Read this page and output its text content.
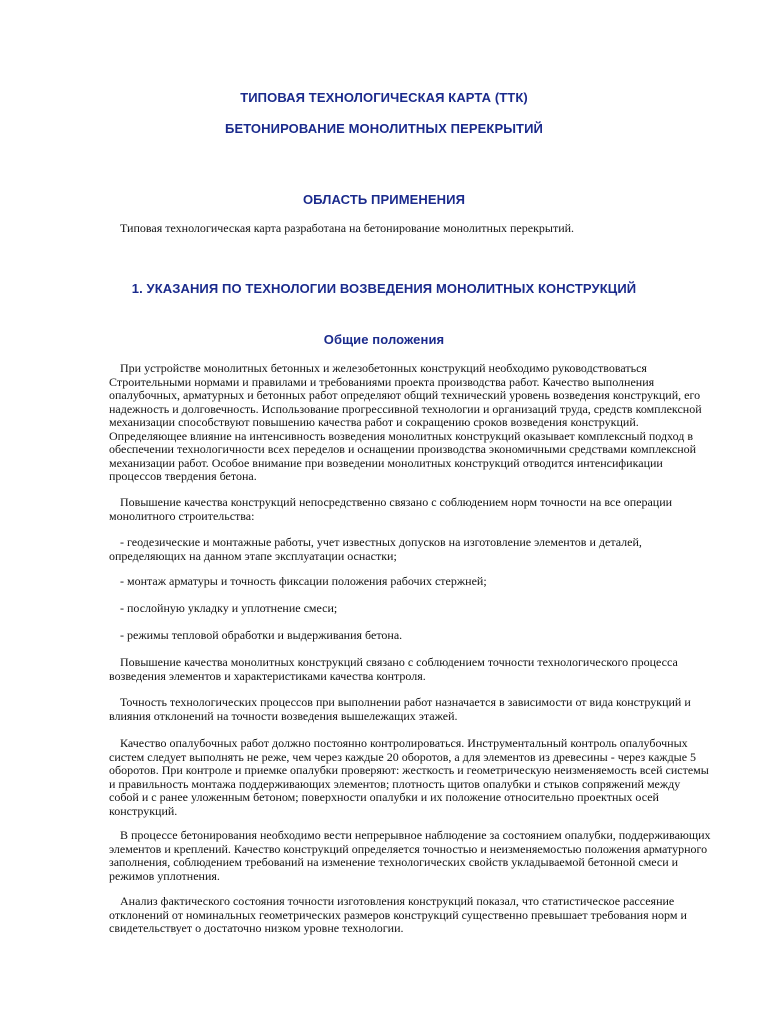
ТИПОВАЯ ТЕХНОЛОГИЧЕСКАЯ КАРТА (ТТК)
БЕТОНИРОВАНИЕ МОНОЛИТНЫХ ПЕРЕКРЫТИЙ
ОБЛАСТЬ ПРИМЕНЕНИЯ

Типовая технологическая карта разработана на бетонирование монолитных перекрытий.

1. УКАЗАНИЯ ПО ТЕХНОЛОГИИ ВОЗВЕДЕНИЯ МОНОЛИТНЫХ КОНСТРУКЦИЙ
Общие положения

При устройстве монолитных бетонных и железобетонных конструкций необходимо руководствоваться Строительными нормами и правилами и требованиями проекта производства работ. Качество выполнения опалубочных, арматурных и бетонных работ определяют общий технический уровень возведения конструкций, его надежность и долговечность. Использование прогрессивной технологии и организаций труда, средств комплексной механизации способствуют повышению качества работ и сокращению сроков возведения конструкций. Определяющее влияние на интенсивность возведения монолитных конструкций оказывает комплексный подход в обеспечении технологичности всех переделов и оснащении производства экономичными средствами комплексной механизации работ. Особое внимание при возведении монолитных конструкций отводится интенсификации процессов твердения бетона.

Повышение качества конструкций непосредственно связано с соблюдением норм точности на все операции монолитного строительства:

- геодезические и монтажные работы, учет известных допусков на изготовление элементов и деталей, определяющих на данном этапе эксплуатации оснастки;

- монтаж арматуры и точность фиксации положения рабочих стержней;

- послойную укладку и уплотнение смеси;

- режимы тепловой обработки и выдерживания бетона.

Повышение качества монолитных конструкций связано с соблюдением точности технологического процесса возведения элементов и характеристиками качества контроля.

Точность технологических процессов при выполнении работ назначается в зависимости от вида конструкций и влияния отклонений на точности возведения вышележащих этажей.

Качество опалубочных работ должно постоянно контролироваться. Инструментальный контроль опалубочных систем следует выполнять не реже, чем через каждые 20 оборотов, а для элементов из древесины - через каждые 5 оборотов. При контроле и приемке опалубки проверяют: жесткость и геометрическую неизменяемость всей системы и правильность монтажа поддерживающих элементов; плотность щитов опалубки и стыков сопряжений между собой и с ранее уложенным бетоном; поверхности опалубки и их положение относительно проектных осей конструкций.

В процессе бетонирования необходимо вести непрерывное наблюдение за состоянием опалубки, поддерживающих элементов и креплений. Качество конструкций определяется точностью и неизменяемостью положения арматурного заполнения, соблюдением требований на изменение технологических свойств укладываемой бетонной смеси и режимов уплотнения.

Анализ фактического состояния точности изготовления конструкций показал, что статистическое рассеяние отклонений от номинальных геометрических размеров конструкций существенно превышает требования норм и свидетельствует о достаточно низком уровне технологии.
